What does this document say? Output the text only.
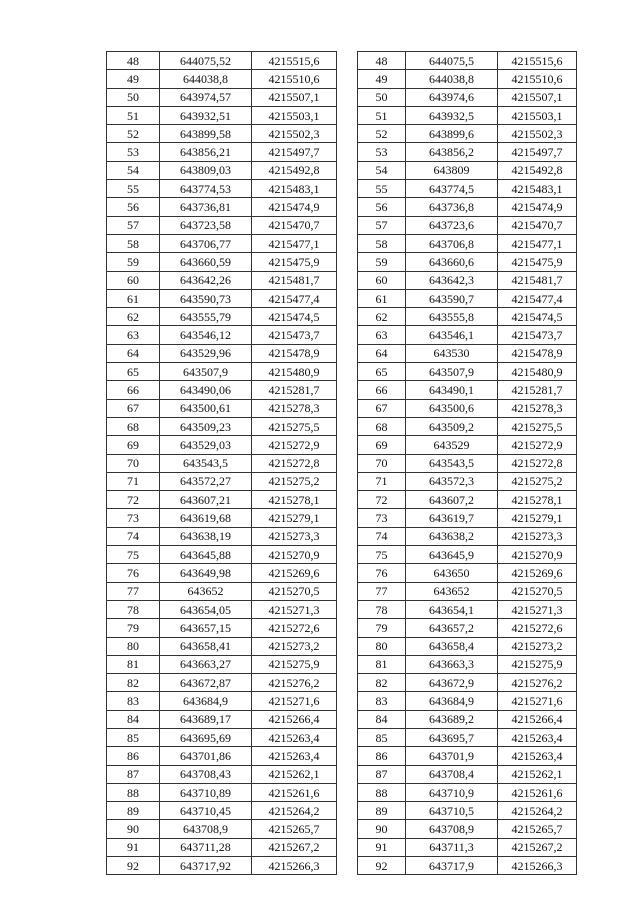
48	644075,52	4215515,6
49	644038,8	4215510,6
50	643974,57	4215507,1
51	643932,51	4215503,1
52	643899,58	4215502,3
53	643856,21	4215497,7
54	643809,03	4215492,8
55	643774,53	4215483,1
56	643736,81	4215474,9
57	643723,58	4215470,7
58	643706,77	4215477,1
59	643660,59	4215475,9
60	643642,26	4215481,7
61	643590,73	4215477,4
62	643555,79	4215474,5
63	643546,12	4215473,7
64	643529,96	4215478,9
65	643507,9	4215480,9
66	643490,06	4215281,7
67	643500,61	4215278,3
68	643509,23	4215275,5
69	643529,03	4215272,9
70	643543,5	4215272,8
71	643572,27	4215275,2
72	643607,21	4215278,1
73	643619,68	4215279,1
74	643638,19	4215273,3
75	643645,88	4215270,9
76	643649,98	4215269,6
77	643652	4215270,5
78	643654,05	4215271,3
79	643657,15	4215272,6
80	643658,41	4215273,2
81	643663,27	4215275,9
82	643672,87	4215276,2
83	643684,9	4215271,6
84	643689,17	4215266,4
85	643695,69	4215263,4
86	643701,86	4215263,4
87	643708,43	4215262,1
88	643710,89	4215261,6
89	643710,45	4215264,2
90	643708,9	4215265,7
91	643711,28	4215267,2
92	643717,92	4215266,3
48	644075,5	4215515,6
49	644038,8	4215510,6
50	643974,6	4215507,1
51	643932,5	4215503,1
52	643899,6	4215502,3
53	643856,2	4215497,7
54	643809	4215492,8
55	643774,5	4215483,1
56	643736,8	4215474,9
57	643723,6	4215470,7
58	643706,8	4215477,1
59	643660,6	4215475,9
60	643642,3	4215481,7
61	643590,7	4215477,4
62	643555,8	4215474,5
63	643546,1	4215473,7
64	643530	4215478,9
65	643507,9	4215480,9
66	643490,1	4215281,7
67	643500,6	4215278,3
68	643509,2	4215275,5
69	643529	4215272,9
70	643543,5	4215272,8
71	643572,3	4215275,2
72	643607,2	4215278,1
73	643619,7	4215279,1
74	643638,2	4215273,3
75	643645,9	4215270,9
76	643650	4215269,6
77	643652	4215270,5
78	643654,1	4215271,3
79	643657,2	4215272,6
80	643658,4	4215273,2
81	643663,3	4215275,9
82	643672,9	4215276,2
83	643684,9	4215271,6
84	643689,2	4215266,4
85	643695,7	4215263,4
86	643701,9	4215263,4
87	643708,4	4215262,1
88	643710,9	4215261,6
89	643710,5	4215264,2
90	643708,9	4215265,7
91	643711,3	4215267,2
92	643717,9	4215266,3
